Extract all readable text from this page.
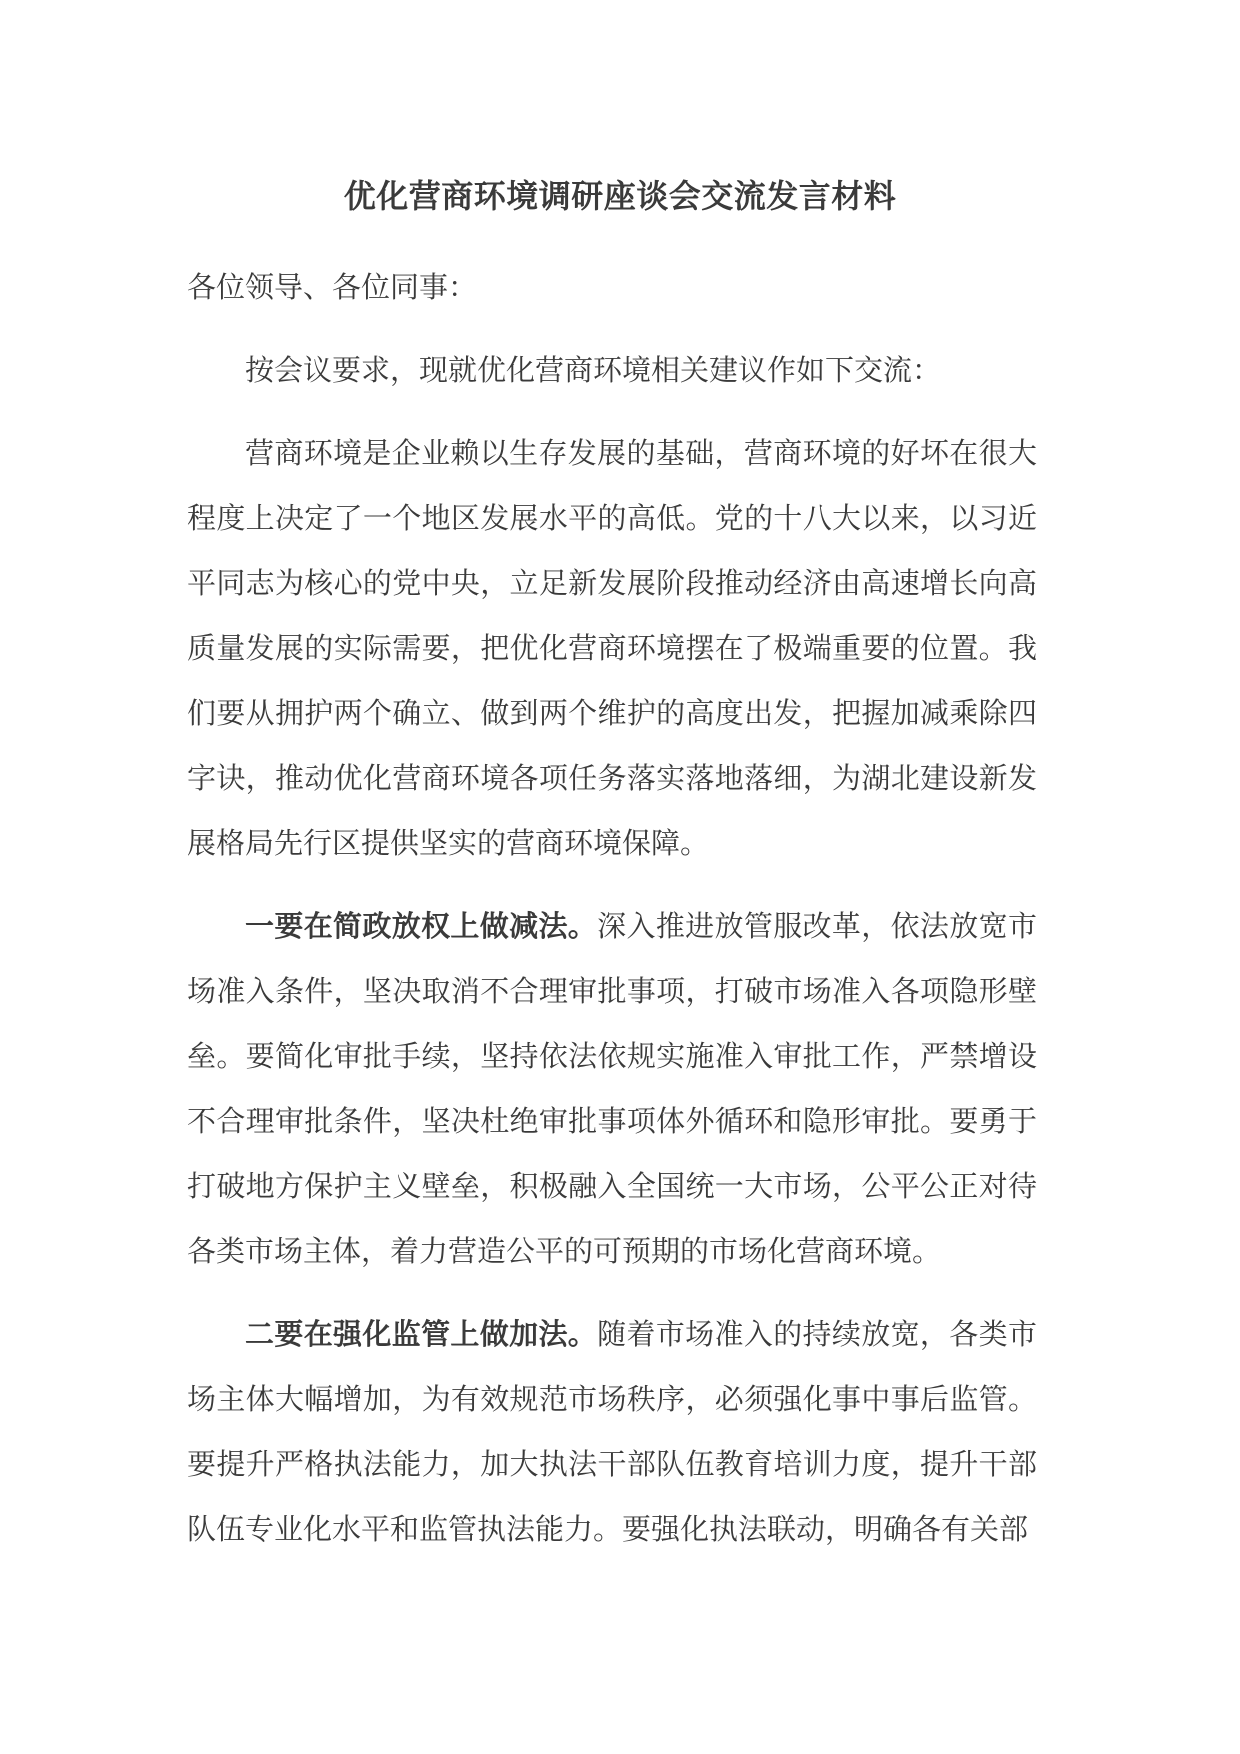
优化营商环境调研座谈会交流发言材料

各位领导、各位同事：

按会议要求，现就优化营商环境相关建议作如下交流：

营商环境是企业赖以生存发展的基础，营商环境的好坏在很大程度上决定了一个地区发展水平的高低。党的十八大以来，以习近平同志为核心的党中央，立足新发展阶段推动经济由高速增长向高质量发展的实际需要，把优化营商环境摆在了极端重要的位置。我们要从拥护两个确立、做到两个维护的高度出发，把握加减乘除四字诀，推动优化营商环境各项任务落实落地落细，为湖北建设新发展格局先行区提供坚实的营商环境保障。

一要在简政放权上做减法。深入推进放管服改革，依法放宽市场准入条件，坚决取消不合理审批事项，打破市场准入各项隐形壁垒。要简化审批手续，坚持依法依规实施准入审批工作，严禁增设不合理审批条件，坚决杜绝审批事项体外循环和隐形审批。要勇于打破地方保护主义壁垒，积极融入全国统一大市场，公平公正对待各类市场主体，着力营造公平的可预期的市场化营商环境。

二要在强化监管上做加法。随着市场准入的持续放宽，各类市场主体大幅增加，为有效规范市场秩序，必须强化事中事后监管。要提升严格执法能力，加大执法干部队伍教育培训力度，提升干部队伍专业化水平和监管执法能力。要强化执法联动，明确各有关部
